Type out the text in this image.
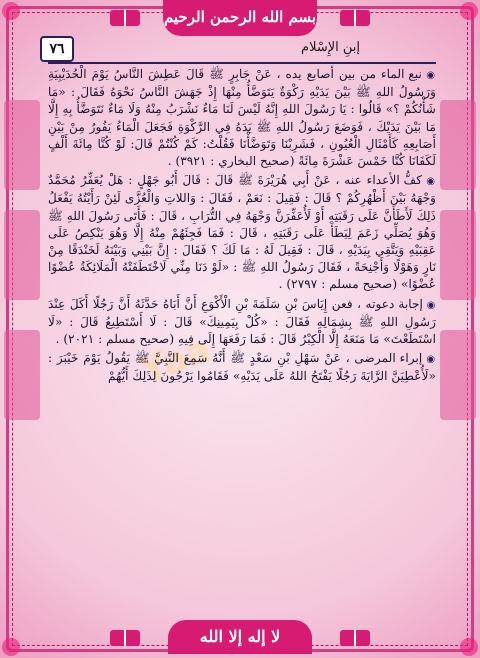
بسم الله الرحمن الرحيم
٧٦	إبنِ الإِسْلام
Yaa

◉ نبع الماء من بين أصابع يده ، عَنْ جَابِرٍ ﷺ قَالَ عَطِشَ النَّاسُ يَوْمَ الْحُدَيْبِيَةِ وَرَسُولُ اللهِ ﷺ بَيْنَ يَدَيْهِ رَكْوَةٌ يَتَوَضَّأُ مِنْهَا إِذْ جَهَشَ النَّاسُ نَحْوَهُ فَقَالَ : «مَا شَأْنُكُمْ ؟» قَالُوا : يَا رَسُولَ اللهِ إِنَّهُ لَيْسَ لَنَا مَاءٌ نَشْرَبُ مِنْهُ وَلَا مَاءٌ نَتَوَضَّأُ بِهِ إِلَّا مَا بَيْنَ يَدَيْكَ ، فَوَضَعَ رَسُولُ اللهِ ﷺ يَدَهُ فِي الرَّكْوَةِ فَجَعَلَ الْمَاءُ يَفُورُ مِنْ بَيْنِ أَصَابِعِهِ كَأَمْثَالِ الْعُيُونِ ، فَشَرِبْنَا وَتَوَضَّأْنَا فَقُلْتُ: كَمْ كُنْتُمْ قَالَ: لَوْ كُنَّا مِائَةَ أَلْفٍ لَكَفَانَا كُنَّا خَمْسَ عَشْرَةَ مِائَةً (صحيح البخاري : ٣٩٢١) .

◉ كفُّ الأعداء عنه ، عَنْ أَبِي هُرَيْرَةَ ﷺ قَالَ : قَالَ أَبُو جَهْلٍ : هَلْ يُعَفِّرُ مُحَمَّدٌ وَجْهَهُ بَيْنَ أَظْهُرِكُمْ ؟ قَالَ : فَقِيلَ : نَعَمْ ، فَقَالَ : وَاللاتِ وَالْعُزَّى لَئِنْ رَأَيْتُهُ يَفْعَلُ ذَلِكَ لَأَطَأَنَّ عَلَى رَقَبَتِهِ أَوْ لَأُعَفِّرَنَّ وَجْهَهُ فِي التُّرَابِ ، قَالَ : فَأَتَى رَسُولَ اللهِ ﷺ وَهُوَ يُصَلِّي زَعَمَ لِيَطَأَ عَلَى رَقَبَتِهِ ، قَالَ : فَمَا فَجِئَهُمْ مِنْهُ إِلَّا وَهُوَ يَنْكِصُ عَلَى عَقِبَيْهِ وَيَتَّقِي بِيَدَيْهِ ، قَالَ : فَقِيلَ لَهُ : مَا لَكَ ؟ فَقَالَ : إِنَّ بَيْنِي وَبَيْنَهُ لَخَنْدَقًا مِنْ نَارٍ وَهَوْلًا وَأَجْنِحَةً ، فَقَالَ رَسُولُ اللهِ ﷺ : «لَوْ دَنَا مِنِّي لَاخْتَطَفَتْهُ الْمَلَائِكَةُ عُضْوًا عُضْوًا» (صحيح مسلم : ٢٧٩٧) .

◉ إجابة دعوته ، فعن إِيَاسَ بْنِ سَلَمَةَ بْنِ الْأَكْوَعِ أَنَّ أَبَاهُ حَدَّثَهُ أَنَّ رَجُلًا أَكَلَ عِنْدَ رَسُولِ اللهِ ﷺ بِشِمَالِهِ فَقَالَ : «كُلْ بِيَمِينِكَ» قَالَ : لَا أَسْتَطِيعُ قَالَ : «لَا اسْتَطَعْتَ» مَا مَنَعَهُ إِلَّا الْكِبْرُ قَالَ : فَمَا رَفَعَهَا إِلَى فِيهِ (صحيح مسلم : ٢٠٢١) .

◉ إبراء المرضى ، عَنْ سَهْلِ بْنِ سَعْدٍ ﷺ أَنَّهُ سَمِعَ النَّبِيَّ ﷺ يَقُولُ يَوْمَ خَيْبَرَ : «لَأُعْطِيَنَّ الرَّايَةَ رَجُلًا يَفْتَحُ اللهُ عَلَى يَدَيْهِ» فَقَامُوا يَرْجُونَ لِذَلِكَ أَيُّهُمْ

لا إله إلا الله
